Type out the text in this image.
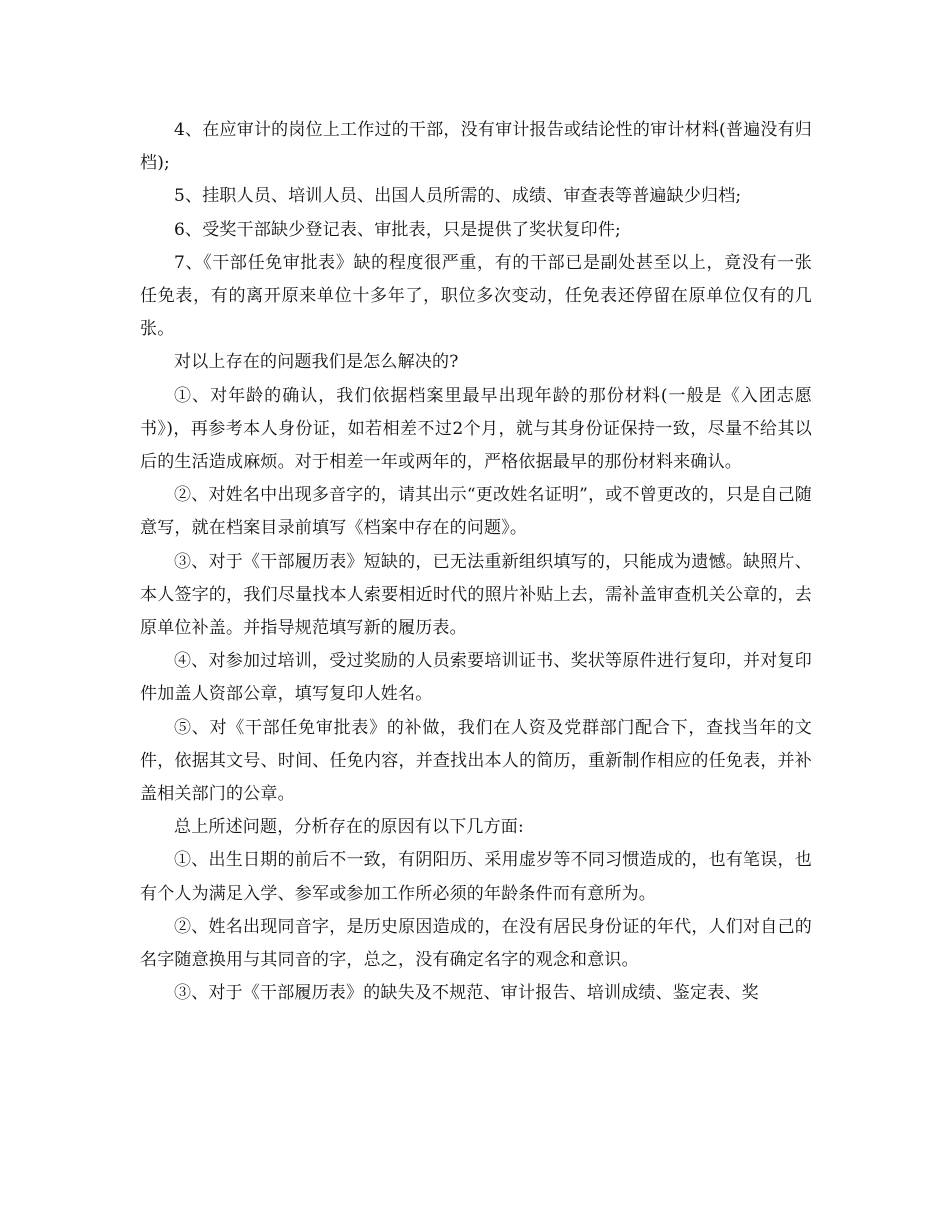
4、在应审计的岗位上工作过的干部，没有审计报告或结论性的审计材料(普遍没有归档);

5、挂职人员、培训人员、出国人员所需的、成绩、审查表等普遍缺少归档;

6、受奖干部缺少登记表、审批表，只是提供了奖状复印件;

7、《干部任免审批表》缺的程度很严重，有的干部已是副处甚至以上，竟没有一张任免表，有的离开原来单位十多年了，职位多次变动，任免表还停留在原单位仅有的几张。

对以上存在的问题我们是怎么解决的?

①、对年龄的确认，我们依据档案里最早出现年龄的那份材料(一般是《入团志愿书》)，再参考本人身份证，如若相差不过2个月，就与其身份证保持一致，尽量不给其以后的生活造成麻烦。对于相差一年或两年的，严格依据最早的那份材料来确认。

②、对姓名中出现多音字的，请其出示“更改姓名证明”，或不曾更改的，只是自己随意写，就在档案目录前填写《档案中存在的问题》。

③、对于《干部履历表》短缺的，已无法重新组织填写的，只能成为遗憾。缺照片、本人签字的，我们尽量找本人索要相近时代的照片补贴上去，需补盖审查机关公章的，去原单位补盖。并指导规范填写新的履历表。

④、对参加过培训，受过奖励的人员索要培训证书、奖状等原件进行复印，并对复印件加盖人资部公章，填写复印人姓名。

⑤、对《干部任免审批表》的补做，我们在人资及党群部门配合下，查找当年的文件，依据其文号、时间、任免内容，并查找出本人的简历，重新制作相应的任免表，并补盖相关部门的公章。

总上所述问题，分析存在的原因有以下几方面:

①、出生日期的前后不一致，有阴阳历、采用虚岁等不同习惯造成的，也有笔误，也有个人为满足入学、参军或参加工作所必须的年龄条件而有意所为。

②、姓名出现同音字，是历史原因造成的，在没有居民身份证的年代，人们对自己的名字随意换用与其同音的字，总之，没有确定名字的观念和意识。

③、对于《干部履历表》的缺失及不规范、审计报告、培训成绩、鉴定表、奖
